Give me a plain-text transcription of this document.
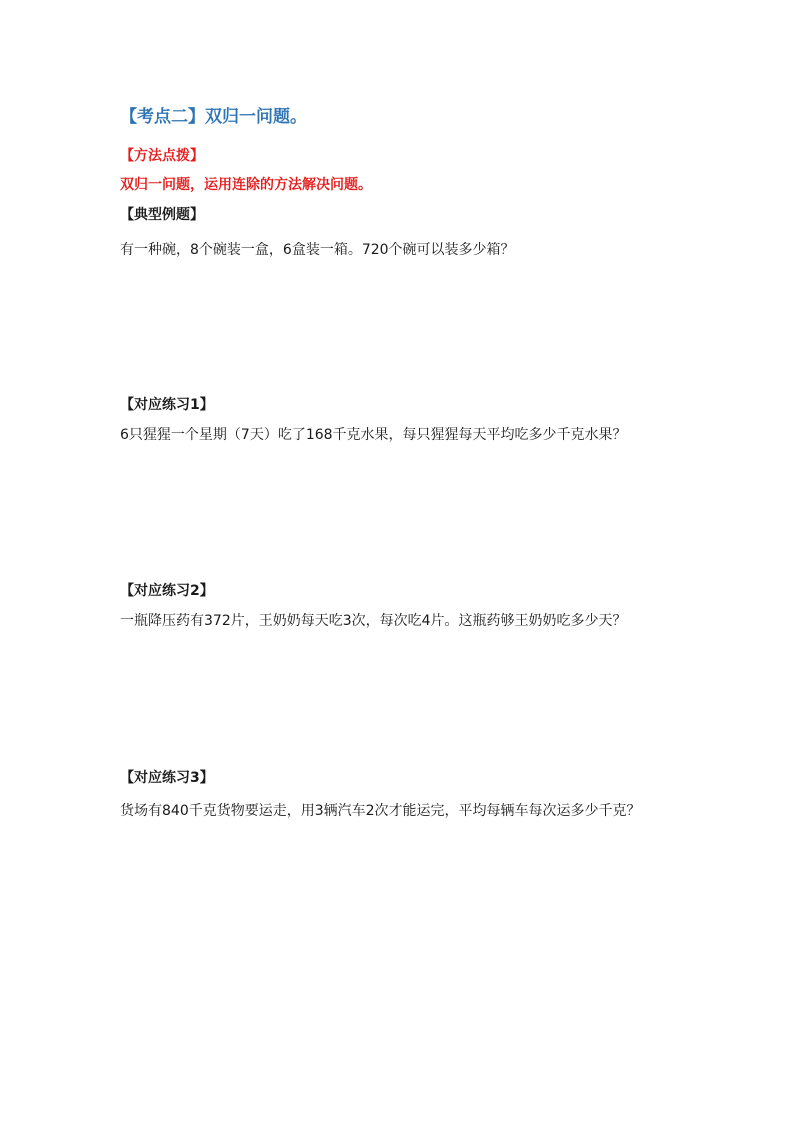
【考点二】双归一问题。
【方法点拨】
双归一问题，运用连除的方法解决问题。
【典型例题】
有一种碗，8个碗装一盒，6盒装一箱。720个碗可以装多少箱？
【对应练习1】
6只猩猩一个星期（7天）吃了168千克水果，每只猩猩每天平均吃多少千克水果？
【对应练习2】
一瓶降压药有372片，王奶奶每天吃3次，每次吃4片。这瓶药够王奶奶吃多少天？
【对应练习3】
货场有840千克货物要运走，用3辆汽车2次才能运完，平均每辆车每次运多少千克？
